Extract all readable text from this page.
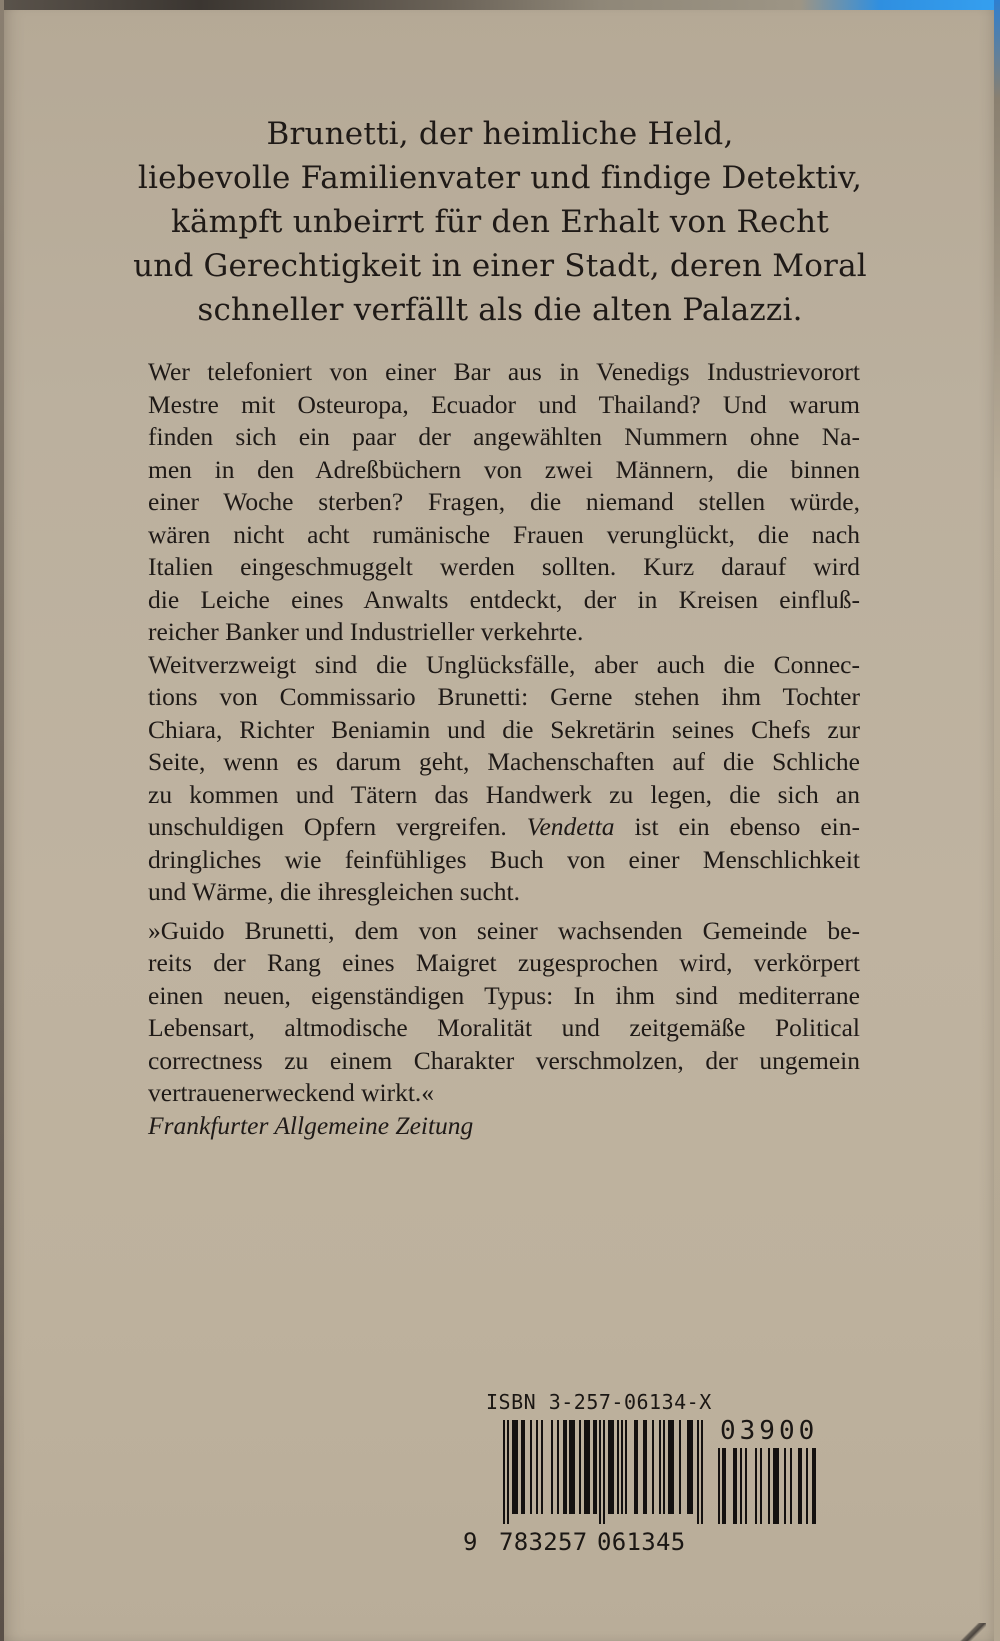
Brunetti, der heimliche Held,
liebevolle Familienvater und findige Detektiv,
kämpft unbeirrt für den Erhalt von Recht
und Gerechtigkeit in einer Stadt, deren Moral
schneller verfällt als die alten Palazzi.
Wer telefoniert von einer Bar aus in Venedigs Industrievorort
Mestre mit Osteuropa, Ecuador und Thailand? Und warum
finden sich ein paar der angewählten Nummern ohne Na-
men in den Adreßbüchern von zwei Männern, die binnen
einer Woche sterben? Fragen, die niemand stellen würde,
wären nicht acht rumänische Frauen verunglückt, die nach
Italien eingeschmuggelt werden sollten. Kurz darauf wird
die Leiche eines Anwalts entdeckt, der in Kreisen einfluß-
reicher Banker und Industrieller verkehrte.
Weitverzweigt sind die Unglücksfälle, aber auch die Connec-
tions von Commissario Brunetti: Gerne stehen ihm Tochter
Chiara, Richter Beniamin und die Sekretärin seines Chefs zur
Seite, wenn es darum geht, Machenschaften auf die Schliche
zu kommen und Tätern das Handwerk zu legen, die sich an
unschuldigen Opfern vergreifen. Vendetta ist ein ebenso ein-
dringliches wie feinfühliges Buch von einer Menschlichkeit
und Wärme, die ihresgleichen sucht.
»Guido Brunetti, dem von seiner wachsenden Gemeinde be-
reits der Rang eines Maigret zugesprochen wird, verkörpert
einen neuen, eigenständigen Typus: In ihm sind mediterrane
Lebensart, altmodische Moralität und zeitgemäße Political
correctness zu einem Charakter verschmolzen, der ungemein
vertrauenerweckend wirkt.«
Frankfurter Allgemeine Zeitung
ISBN 3-257-06134-X
9 783257 061345
03900
